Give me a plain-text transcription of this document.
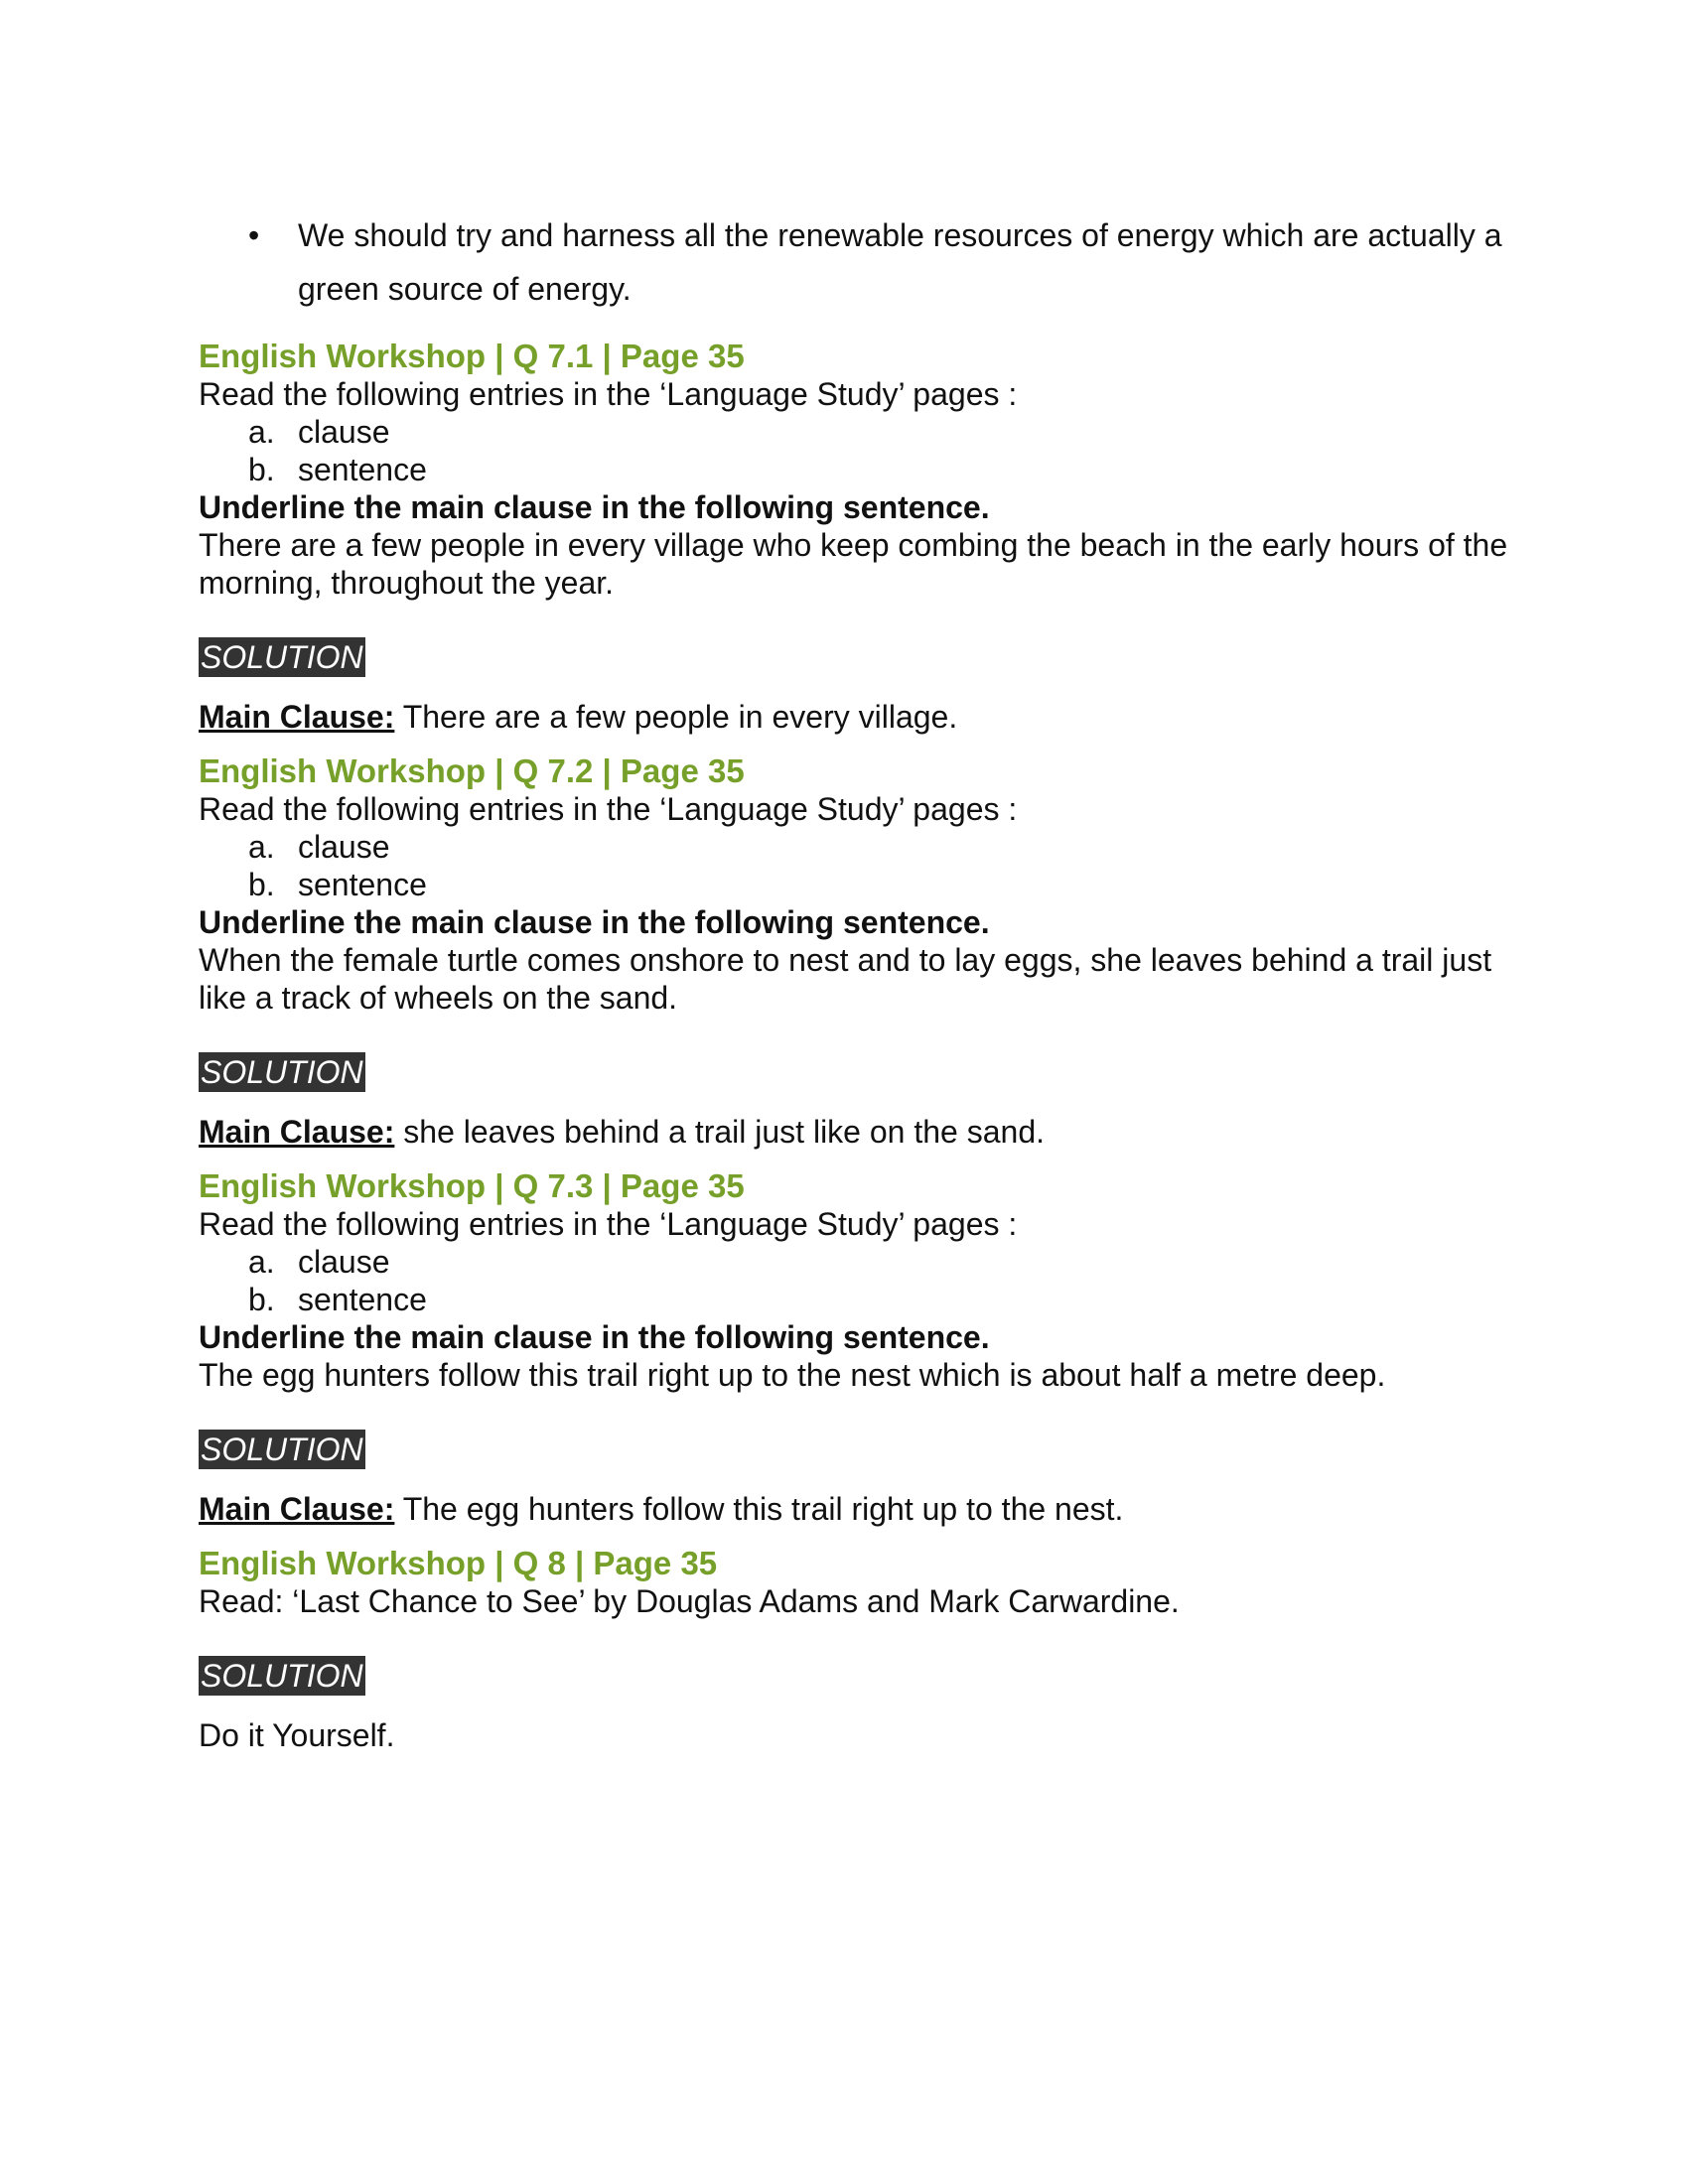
• We should try and harness all the renewable resources of energy which are actually a green source of energy.

English Workshop | Q 7.1 | Page 35

Read the following entries in the ‘Language Study’ pages :

a. clause

b. sentence

Underline the main clause in the following sentence.

There are a few people in every village who keep combing the beach in the early hours of the morning, throughout the year.

SOLUTION

Main Clause: There are a few people in every village.

English Workshop | Q 7.2 | Page 35

Read the following entries in the ‘Language Study’ pages :

a. clause

b. sentence

Underline the main clause in the following sentence.

When the female turtle comes onshore to nest and to lay eggs, she leaves behind a trail just like a track of wheels on the sand.

SOLUTION

Main Clause: she leaves behind a trail just like on the sand.

English Workshop | Q 7.3 | Page 35

Read the following entries in the ‘Language Study’ pages :

a. clause

b. sentence

Underline the main clause in the following sentence.

The egg hunters follow this trail right up to the nest which is about half a metre deep.

SOLUTION

Main Clause: The egg hunters follow this trail right up to the nest.

English Workshop | Q 8 | Page 35

Read: ‘Last Chance to See’ by Douglas Adams and Mark Carwardine.

SOLUTION

Do it Yourself.
